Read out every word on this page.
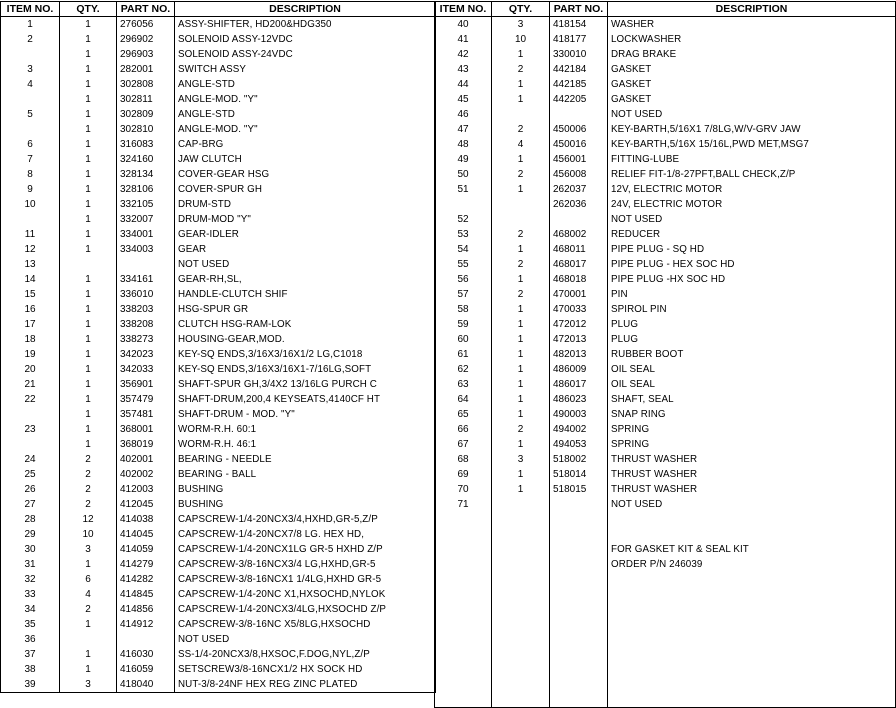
ITEM NO.	QTY.	PART NO.	DESCRIPTION
1	1	276056	ASSY-SHIFTER, HD200&HDG350
2	1	296902	SOLENOID ASSY-12VDC
	1	296903	SOLENOID ASSY-24VDC
3	1	282001	SWITCH ASSY
4	1	302808	ANGLE-STD
	1	302811	ANGLE-MOD. "Y"
5	1	302809	ANGLE-STD
	1	302810	ANGLE-MOD. "Y"
6	1	316083	CAP-BRG
7	1	324160	JAW CLUTCH
8	1	328134	COVER-GEAR HSG
9	1	328106	COVER-SPUR GH
10	1	332105	DRUM-STD
	1	332007	DRUM-MOD "Y"
11	1	334001	GEAR-IDLER
12	1	334003	GEAR
13			NOT USED
14	1	334161	GEAR-RH,SL,
15	1	336010	HANDLE-CLUTCH SHIF
16	1	338203	HSG-SPUR GR
17	1	338208	CLUTCH HSG-RAM-LOK
18	1	338273	HOUSING-GEAR,MOD.
19	1	342023	KEY-SQ ENDS,3/16X3/16X1/2 LG,C1018
20	1	342033	KEY-SQ ENDS,3/16X3/16X1-7/16LG,SOFT
21	1	356901	SHAFT-SPUR GH,3/4X2 13/16LG PURCH C
22	1	357479	SHAFT-DRUM,200,4 KEYSEATS,4140CF HT
	1	357481	SHAFT-DRUM - MOD. "Y"
23	1	368001	WORM-R.H. 60:1
	1	368019	WORM-R.H. 46:1
24	2	402001	BEARING - NEEDLE
25	2	402002	BEARING - BALL
26	2	412003	BUSHING
27	2	412045	BUSHING
28	12	414038	CAPSCREW-1/4-20NCX3/4,HXHD,GR-5,Z/P
29	10	414045	CAPSCREW-1/4-20NCX7/8 LG. HEX HD,
30	3	414059	CAPSCREW-1/4-20NCX1LG GR-5 HXHD Z/P
31	1	414279	CAPSCREW-3/8-16NCX3/4 LG,HXHD,GR-5
32	6	414282	CAPSCREW-3/8-16NCX1 1/4LG,HXHD GR-5
33	4	414845	CAPSCREW-1/4-20NC X1,HXSOCHD,NYLOK
34	2	414856	CAPSCREW-1/4-20NCX3/4LG,HXSOCHD Z/P
35	1	414912	CAPSCREW-3/8-16NC X5/8LG,HXSOCHD
36			NOT USED
37	1	416030	SS-1/4-20NCX3/8,HXSOC,F.DOG,NYL,Z/P
38	1	416059	SETSCREW3/8-16NCX1/2 HX SOCK HD
39	3	418040	NUT-3/8-24NF HEX REG ZINC PLATED
ITEM NO.	QTY.	PART NO.	DESCRIPTION
40	3	418154	WASHER
41	10	418177	LOCKWASHER
42	1	330010	DRAG BRAKE
43	2	442184	GASKET
44	1	442185	GASKET
45	1	442205	GASKET
46			NOT USED
47	2	450006	KEY-BARTH,5/16X1 7/8LG,W/V-GRV JAW
48	4	450016	KEY-BARTH,5/16X 15/16L,PWD MET,MSG7
49	1	456001	FITTING-LUBE
50	2	456008	RELIEF FIT-1/8-27PFT,BALL CHECK,Z/P
51	1	262037	12V, ELECTRIC MOTOR
		262036	24V, ELECTRIC MOTOR
52			NOT USED
53	2	468002	REDUCER
54	1	468011	PIPE PLUG - SQ HD
55	2	468017	PIPE PLUG - HEX SOC HD
56	1	468018	PIPE PLUG -HX SOC HD
57	2	470001	PIN
58	1	470033	SPIROL PIN
59	1	472012	PLUG
60	1	472013	PLUG
61	1	482013	RUBBER BOOT
62	1	486009	OIL SEAL
63	1	486017	OIL SEAL
64	1	486023	SHAFT, SEAL
65	1	490003	SNAP RING
66	2	494002	SPRING
67	1	494053	SPRING
68	3	518002	THRUST WASHER
69	1	518014	THRUST WASHER
70	1	518015	THRUST WASHER
71			NOT USED

			FOR GASKET KIT & SEAL KIT
			ORDER P/N 246039
